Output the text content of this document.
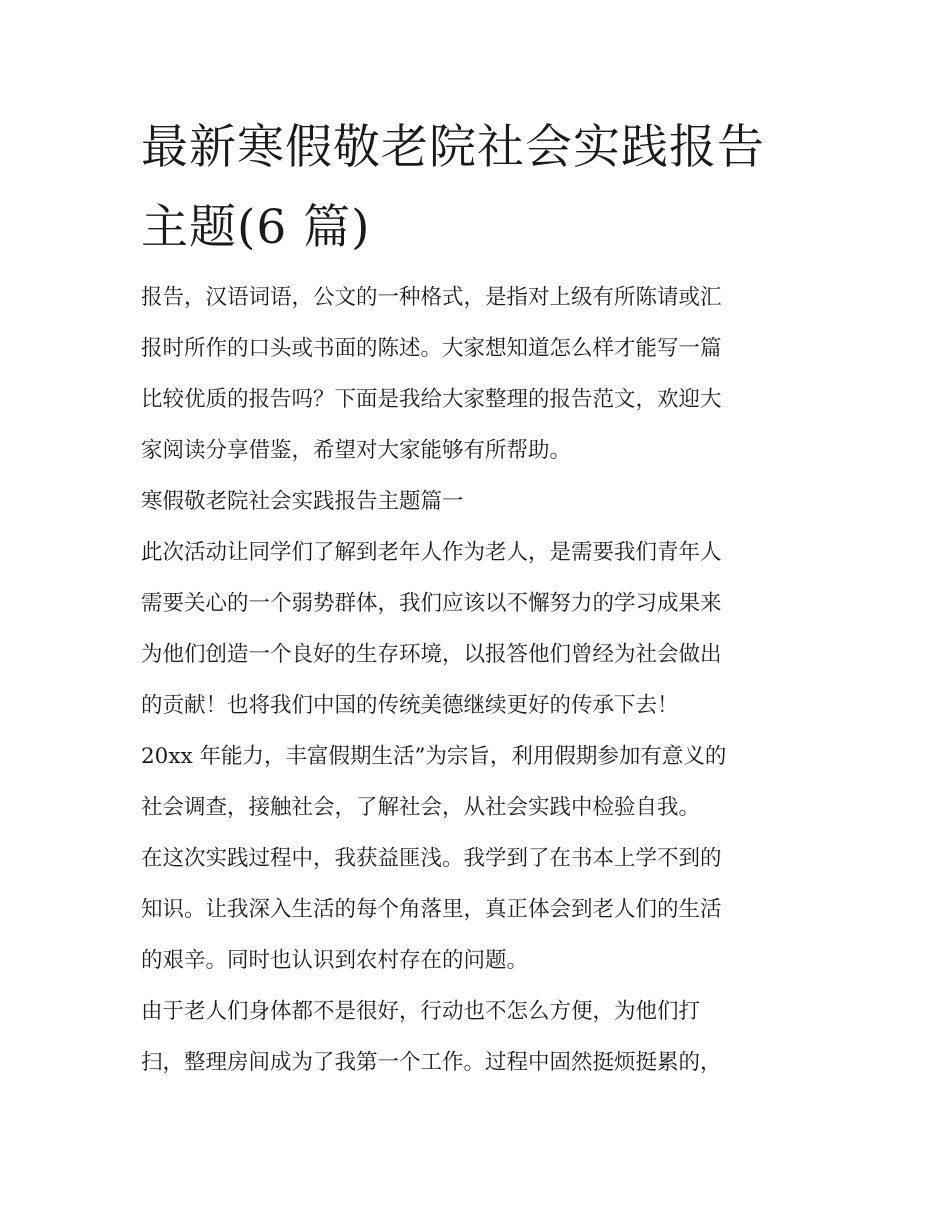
最新寒假敬老院社会实践报告
主题(6 篇)

报告，汉语词语，公文的一种格式，是指对上级有所陈请或汇
报时所作的口头或书面的陈述。大家想知道怎么样才能写一篇
比较优质的报告吗？下面是我给大家整理的报告范文，欢迎大
家阅读分享借鉴，希望对大家能够有所帮助。

寒假敬老院社会实践报告主题篇一

此次活动让同学们了解到老年人作为老人，是需要我们青年人
需要关心的一个弱势群体，我们应该以不懈努力的学习成果来
为他们创造一个良好的生存环境，以报答他们曾经为社会做出
的贡献！也将我们中国的传统美德继续更好的传承下去！

20xx 年能力，丰富假期生活”为宗旨，利用假期参加有意义的
社会调查，接触社会，了解社会，从社会实践中检验自我。

在这次实践过程中，我获益匪浅。我学到了在书本上学不到的
知识。让我深入生活的每个角落里，真正体会到老人们的生活
的艰辛。同时也认识到农村存在的问题。

由于老人们身体都不是很好，行动也不怎么方便，为他们打
扫，整理房间成为了我第一个工作。过程中固然挺烦挺累的，
